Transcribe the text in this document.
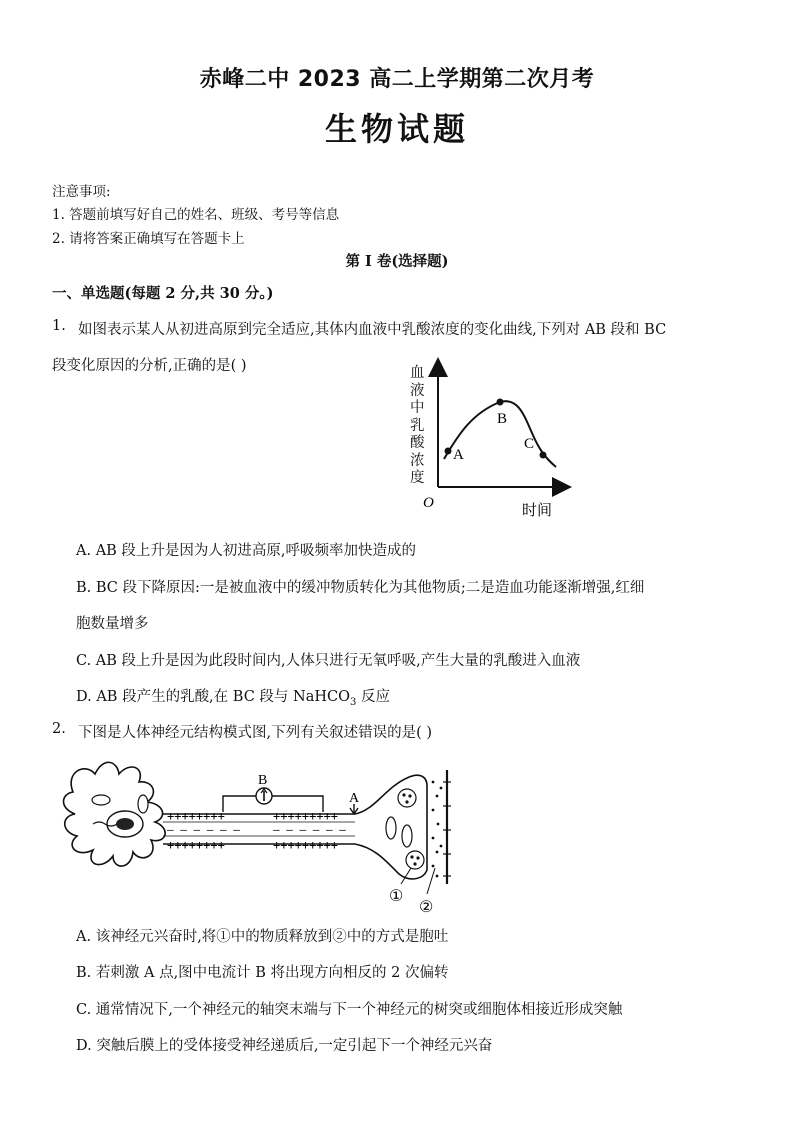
赤峰二中 2023 高二上学期第二次月考
生物试题
注意事项:
1. 答题前填写好自己的姓名、班级、考号等信息
2. 请将答案正确填写在答题卡上
第 I 卷(选择题)
一、单选题(每题 2 分,共 30 分。)
1. 如图表示某人从初进高原到完全适应,其体内血液中乳酸浓度的变化曲线,下列对 AB 段和 BC
段变化原因的分析,正确的是( )
A
B
C
O	时间
血液中乳酸浓度
A. AB 段上升是因为人初进高原,呼吸频率加快造成的
B. BC 段下降原因:一是被血液中的缓冲物质转化为其他物质;二是造血功能逐渐增强,红细
胞数量增多
C. AB 段上升是因为此段时间内,人体只进行无氧呼吸,产生大量的乳酸进入血液
D. AB 段产生的乳酸,在 BC 段与 NaHCO$_3$ 反应
2. 下图是人体神经元结构模式图,下列有关叙述错误的是( )
++++++++	+++++++++
— — — — — —	— — — — — —
++++++++	+++++++++
B
A
①
②
A. 该神经元兴奋时,将①中的物质释放到②中的方式是胞吐
B. 若刺激 A 点,图中电流计 B 将出现方向相反的 2 次偏转
C. 通常情况下,一个神经元的轴突末端与下一个神经元的树突或细胞体相接近形成突触
D. 突触后膜上的受体接受神经递质后,一定引起下一个神经元兴奋
